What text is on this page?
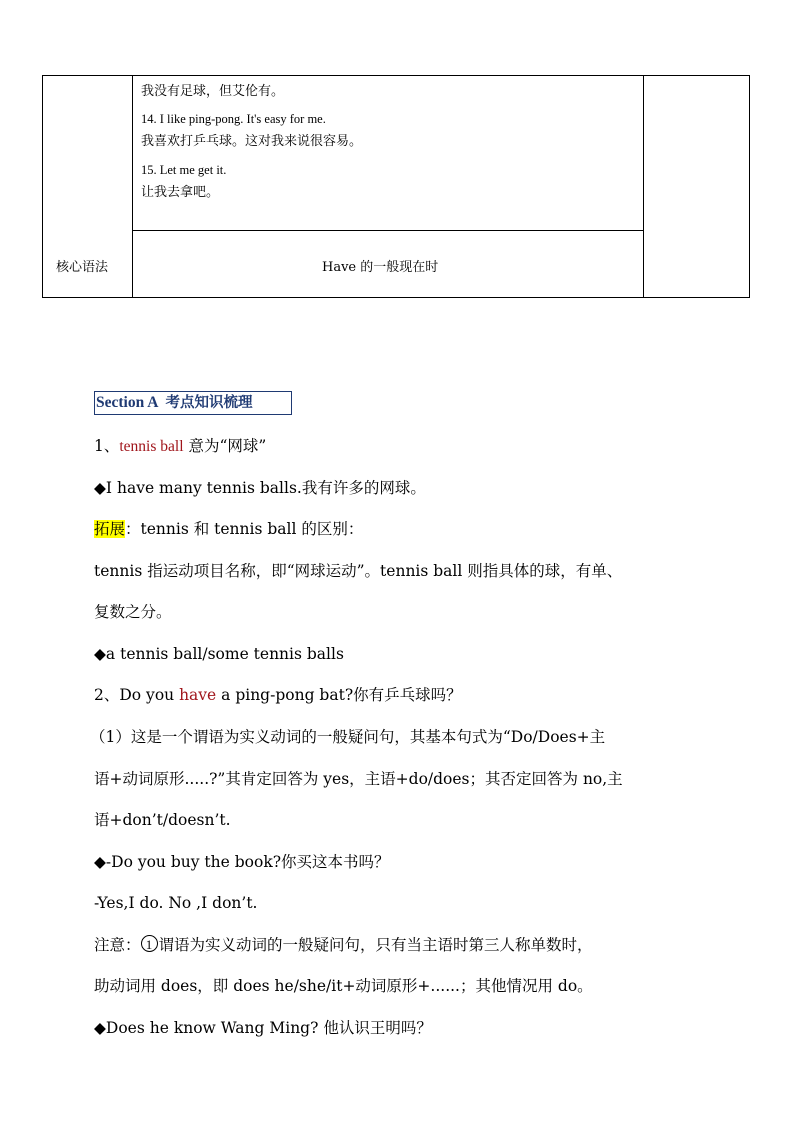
我没有足球，但艾伦有。
14. I like ping-pong. It's easy for me.
我喜欢打乒乓球。这对我来说很容易。
15. Let me get it.
让我去拿吧。
核心语法	Have 的一般现在时
Section A 考点知识梳理
1、tennis ball 意为“网球”
◆I have many tennis balls.我有许多的网球。
拓展：tennis 和 tennis ball 的区别：
tennis 指运动项目名称，即“网球运动”。tennis ball 则指具体的球，有单、
复数之分。
◆a tennis ball/some tennis balls
2、Do you have a ping-pong bat?你有乒乓球吗？
（1）这是一个谓语为实义动词的一般疑问句，其基本句式为“Do/Does+主
语+动词原形.....?”其肯定回答为 yes，主语+do/does；其否定回答为 no,主
语+don’t/doesn’t.
◆-Do you buy the book?你买这本书吗？
-Yes,I do. No ,I don’t.
注意： 1 谓语为实义动词的一般疑问句，只有当主语时第三人称单数时，
助动词用 does，即 does he/she/it+动词原形+......；其他情况用 do。
◆Does he know Wang Ming? 他认识王明吗？
